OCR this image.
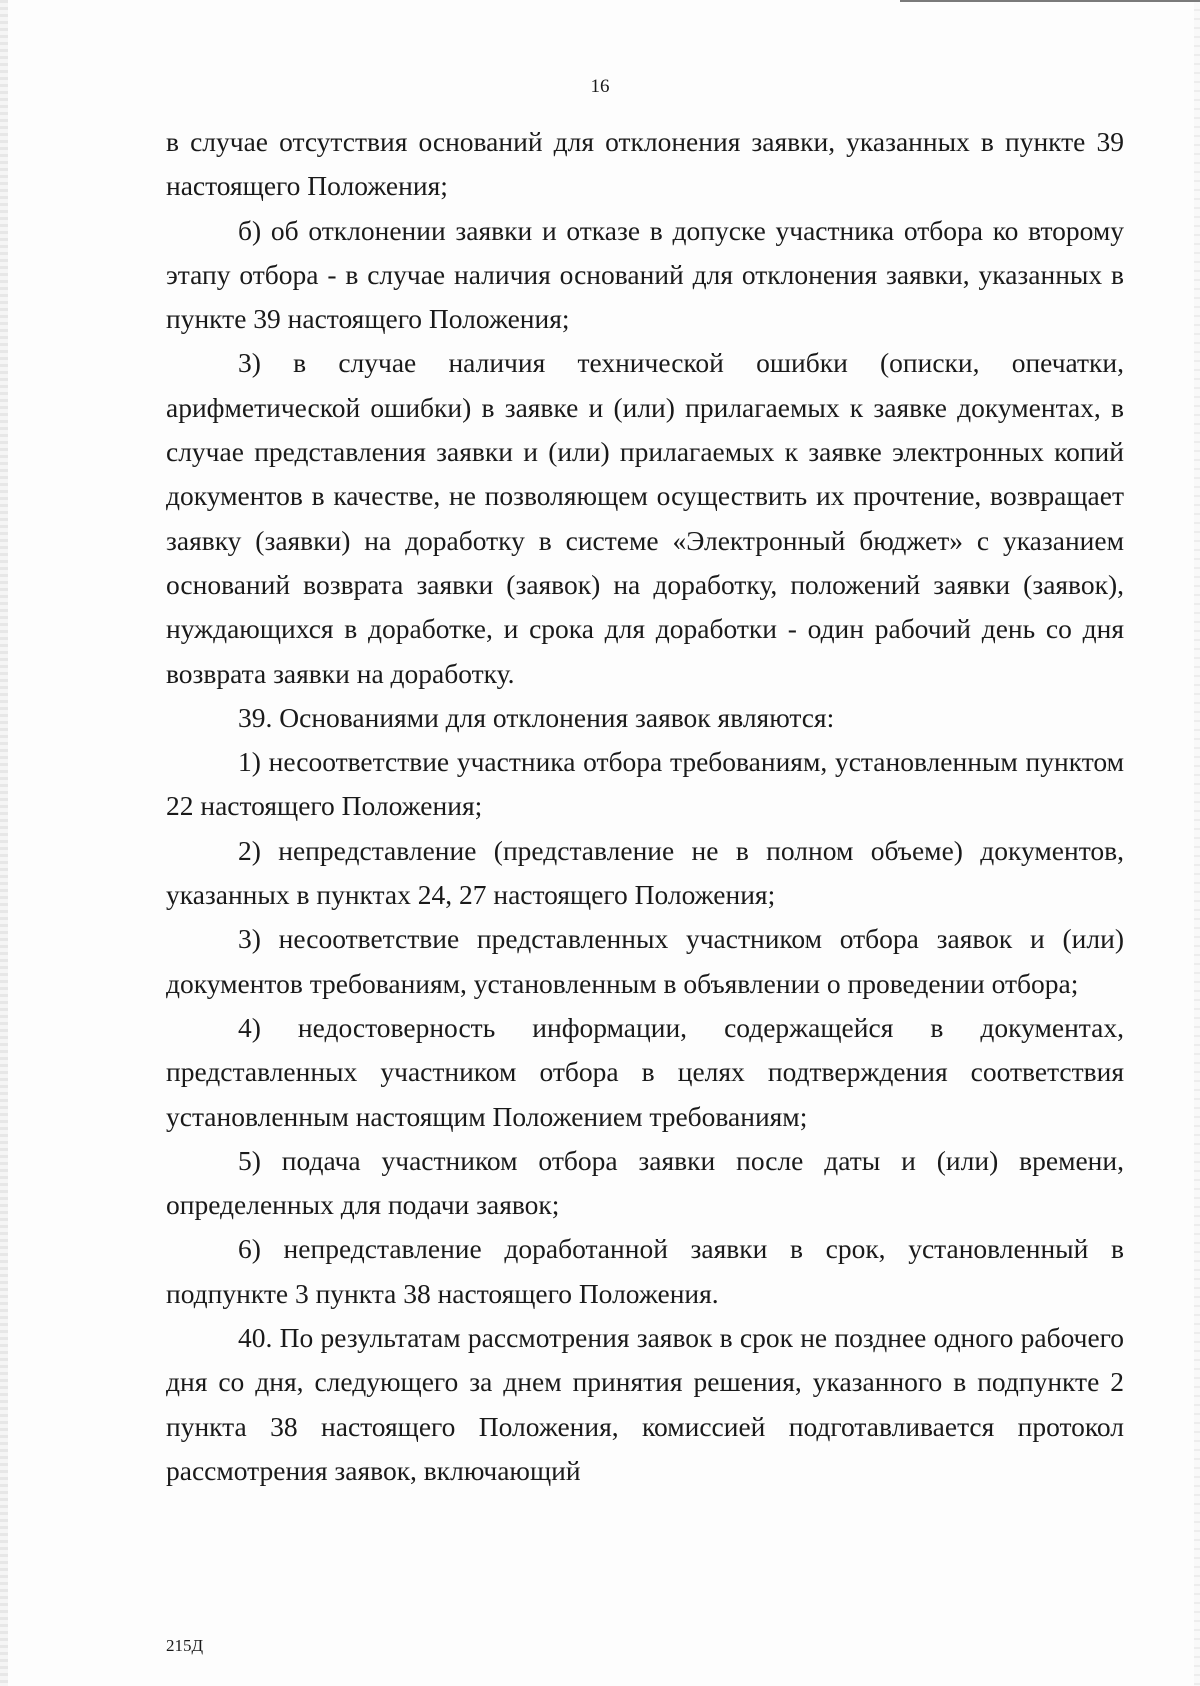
16

в случае отсутствия оснований для отклонения заявки, указанных в пункте 39 настоящего Положения;

б) об отклонении заявки и отказе в допуске участника отбора ко второму этапу отбора - в случае наличия оснований для отклонения заявки, указанных в пункте 39 настоящего Положения;

3) в случае наличия технической ошибки (описки, опечатки, арифметической ошибки) в заявке и (или) прилагаемых к заявке документах, в случае представления заявки и (или) прилагаемых к заявке электронных копий документов в качестве, не позволяющем осуществить их прочтение, возвращает заявку (заявки) на доработку в системе «Электронный бюджет» с указанием оснований возврата заявки (заявок) на доработку, положений заявки (заявок), нуждающихся в доработке, и срока для доработки - один рабочий день со дня возврата заявки на доработку.

39. Основаниями для отклонения заявок являются:

1) несоответствие участника отбора требованиям, установленным пунктом 22 настоящего Положения;

2) непредставление (представление не в полном объеме) документов, указанных в пунктах 24, 27 настоящего Положения;

3) несоответствие представленных участником отбора заявок и (или) документов требованиям, установленным в объявлении о проведении отбора;

4) недостоверность информации, содержащейся в документах, представленных участником отбора в целях подтверждения соответствия установленным настоящим Положением требованиям;

5) подача участником отбора заявки после даты и (или) времени, определенных для подачи заявок;

6) непредставление доработанной заявки в срок, установленный в подпункте 3 пункта 38 настоящего Положения.

40. По результатам рассмотрения заявок в срок не позднее одного рабочего дня со дня, следующего за днем принятия решения, указанного в подпункте 2 пункта 38 настоящего Положения, комиссией подготавливается протокол рассмотрения заявок, включающий

215Д
